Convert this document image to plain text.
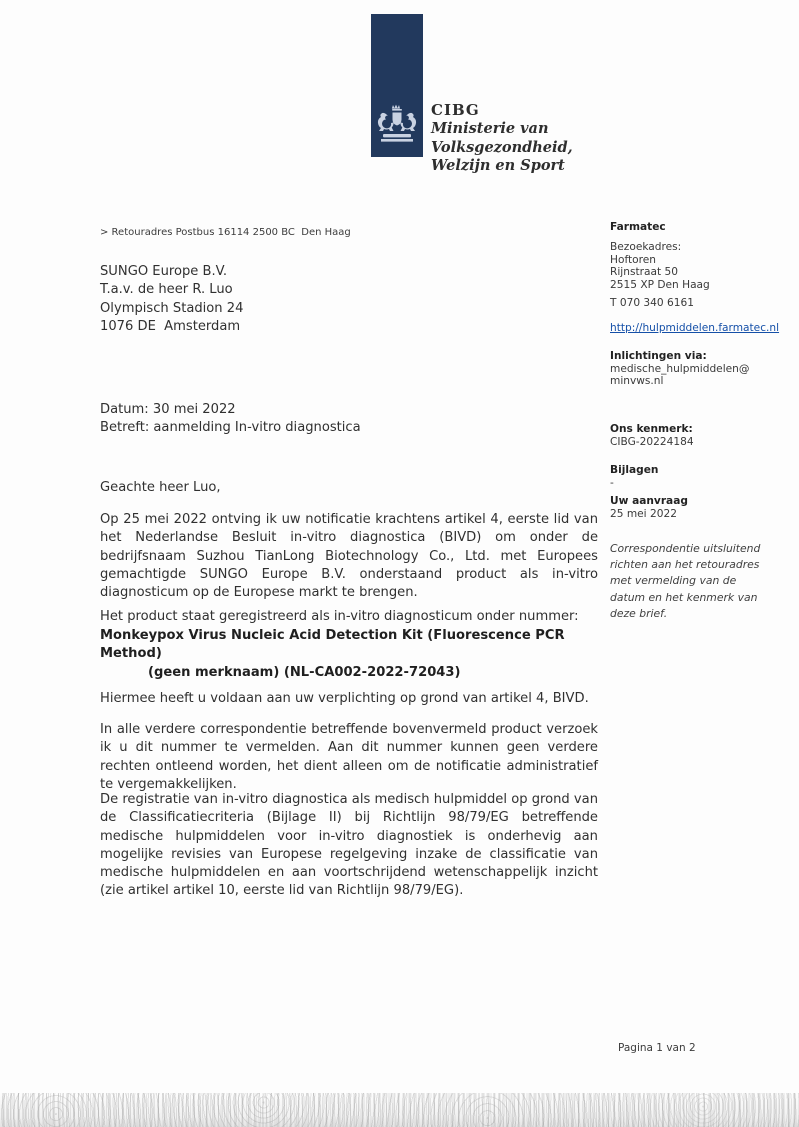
CIBG
Ministerie van Volksgezondheid,
Welzijn en Sport
> Retouradres Postbus 16114 2500 BC  Den Haag
SUNGO Europe B.V.
T.a.v. de heer R. Luo
Olympisch Stadion 24
1076 DE  Amsterdam
Datum: 30 mei 2022
Betreft: aanmelding In-vitro diagnostica
Geachte heer Luo,
Op 25 mei 2022 ontving ik uw notificatie krachtens artikel 4, eerste lid van het Nederlandse Besluit in-vitro diagnostica (BIVD) om onder de bedrijfsnaam Suzhou TianLong Biotechnology Co., Ltd. met Europees gemachtigde SUNGO Europe B.V. onderstaand product als in-vitro diagnosticum op de Europese markt te brengen.
Het product staat geregistreerd als in-vitro diagnosticum onder nummer:
Monkeypox Virus Nucleic Acid Detection Kit (Fluorescence PCR Method)
(geen merknaam) (NL-CA002-2022-72043)
Hiermee heeft u voldaan aan uw verplichting op grond van artikel 4, BIVD.
In alle verdere correspondentie betreffende bovenvermeld product verzoek ik u dit nummer te vermelden. Aan dit nummer kunnen geen verdere rechten ontleend worden, het dient alleen om de notificatie administratief te vergemakkelijken.
De registratie van in-vitro diagnostica als medisch hulpmiddel op grond van de Classificatiecriteria (Bijlage II) bij Richtlijn 98/79/EG betreffende medische hulpmiddelen voor in-vitro diagnostiek is onderhevig aan mogelijke revisies van Europese regelgeving inzake de classificatie van medische hulpmiddelen en aan voortschrijdend wetenschappelijk inzicht (zie artikel artikel 10, eerste lid van Richtlijn 98/79/EG).
Pagina 1 van 2
Farmatec
Bezoekadres:
Hoftoren
Rijnstraat 50
2515 XP Den Haag
T 070 340 6161
http://hulpmiddelen.farmatec.nl
Inlichtingen via:
medische_hulpmiddelen@
minvws.nl
Ons kenmerk:
CIBG-20224184
Bijlagen
-
Uw aanvraag
25 mei 2022
Correspondentie uitsluitend richten aan het retouradres met vermelding van de datum en het kenmerk van deze brief.
